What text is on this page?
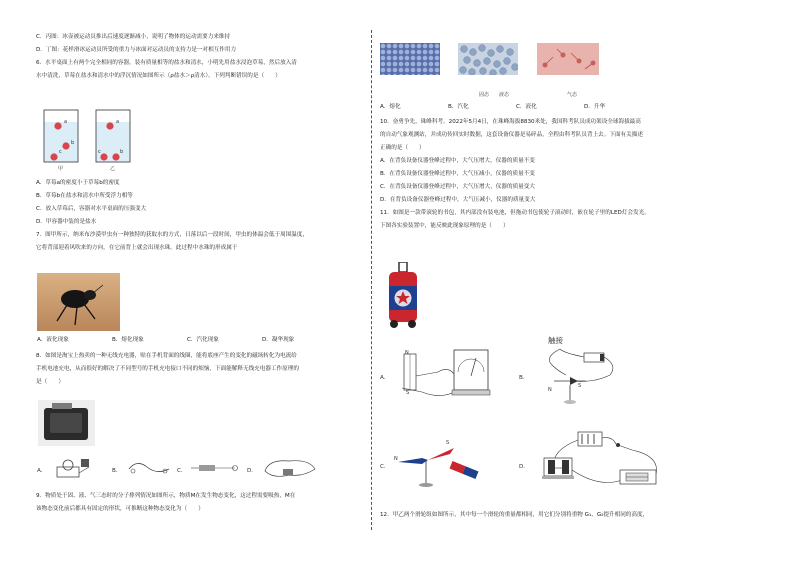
C．丙图：冰壶被运动员推出后速度逐渐减小，说明了物体的运动需要力来维持
D．丁图：花样滑冰运动员所受的重力与冰面对运动员的支持力是一对相互作用力
6．水平桌面上有两个完全相同的容器，装有质量相等的盐水和清水，小明先用盐水浸泡草莓，然后放入清
水中清洗，草莓在盐水和清水中的浮沉情况如图所示（ρ盐水＞ρ清水）。下列判断错误的是（　　）
a
b
c
a
b
c
甲	乙
A．草莓a的密度小于草莓b的密度
B．草莓b在盐水和清水中所受浮力相等
C．放入草莓后，容器对水平桌面的压强变大
D．甲容器中装的是盐水
7．图甲所示，纳米布沙漠甲虫有一种独特的获取水的方式，日落以后一段时间，甲虫的体温会低于周围温度，
它将背部迎着风吹来的方向，在它前背上就会出现水珠。此过程中水珠的形成属于
A．液化现象	B．熔化现象	C．汽化现象	D．凝华现象
8．如图是淘宝上热卖的一种无线充电器，贴在手机背面的线圈，能将底座产生的变化的磁场转化为电流给
手机电池充电，从而很好的解决了不同型号的手机充电接口不同的烦恼，下面能解释无线充电器工作原理的
是（　　）
A．	B．	C．	D．
9．物质处于固、液、气三态时的分子排列情况如图所示，物质M在发生物态变化，这过程需要吸热，M在
该物态变化前后都具有固定的形状，可推断这种物态变化为（　　）
固态 液态	气态
A．熔化	B．汽化	C．液化	D．升华
10．奋勇争先，珠峰科考。2022年5月4日，在珠峰海拔8830米处，我国科考队员成功架设全球海拔最高
的自动气象观测站，并成功传回实时数据，这套设备仪器是易碎品，全程由科考队员背上去。下面有关描述
正确的是（　　）
A．在背负设备仪器登峰过程中，大气压增大，仪器的质量不变
B．在背负设备仪器登峰过程中，大气压减小，仪器的质量不变
C．在背负设备仪器登峰过程中，大气压增大，仪器的质量变大
D．在背负设备仪器登峰过程中，大气压减小，仪器的质量变大
11．如图是一款带滚轮的书包，其内部没有装电池，但拖动书包使轮子滚动时，嵌在轮子里的LED灯会发光。
下图各实验装置中，能反映此现象原理的是（　　）
A．
N
S
B．
触接
N
S
C．
N
S
D．
12．甲乙两个滑轮组如图所示，其中每一个滑轮的重量都相同，用它们分别将重物 G₁、G₂提升相同的高度，
